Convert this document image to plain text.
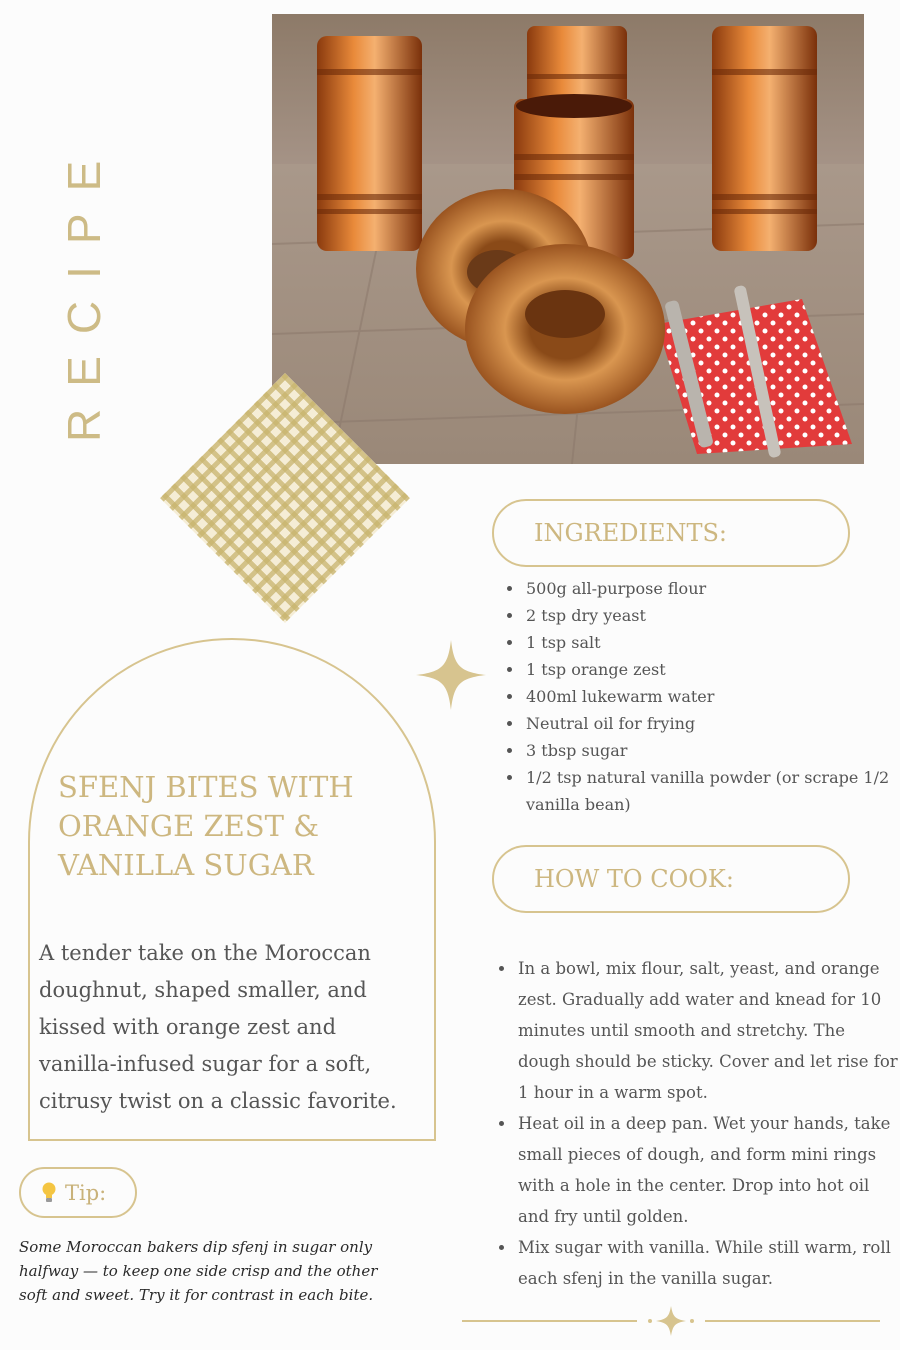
RECIPE
SFENJ BITES WITH ORANGE ZEST & VANILLA SUGAR
A tender take on the Moroccan doughnut, shaped smaller, and kissed with orange zest and vanilla-infused sugar for a soft, citrusy twist on a classic favorite.
INGREDIENTS:
• 500g all-purpose flour
• 2 tsp dry yeast
• 1 tsp salt
• 1 tsp orange zest
• 400ml lukewarm water
• Neutral oil for frying
• 3 tbsp sugar
• 1/2 tsp natural vanilla powder (or scrape 1/2 vanilla bean)
HOW TO COOK:
• In a bowl, mix flour, salt, yeast, and orange zest. Gradually add water and knead for 10 minutes until smooth and stretchy. The dough should be sticky. Cover and let rise for 1 hour in a warm spot.
• Heat oil in a deep pan. Wet your hands, take small pieces of dough, and form mini rings with a hole in the center. Drop into hot oil and fry until golden.
• Mix sugar with vanilla. While still warm, roll each sfenj in the vanilla sugar.
Tip:
Some Moroccan bakers dip sfenj in sugar only halfway — to keep one side crisp and the other soft and sweet. Try it for contrast in each bite.
